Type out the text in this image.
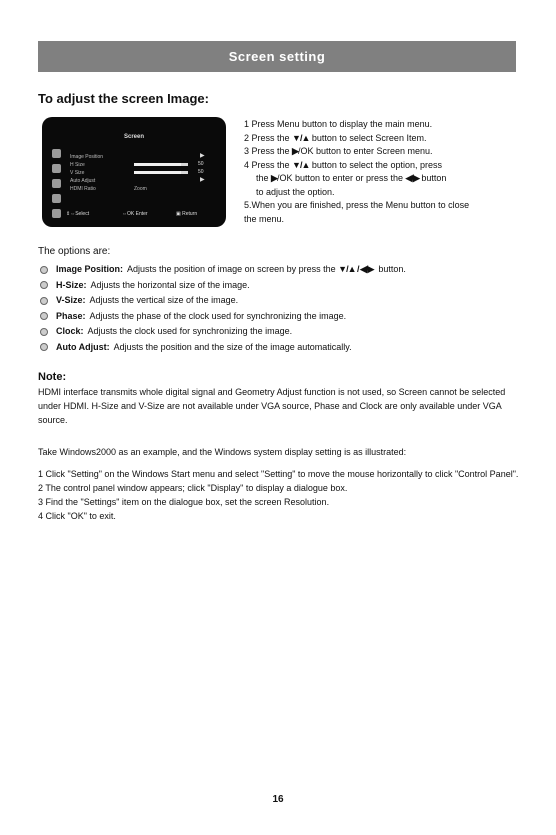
Screen setting
To adjust the screen Image:
Screen
Image Position
H Size
V Size
Auto Adjust
HDMI Ratio	Zoom
▶
50
50
▶
⇕⇔Select	⇔OK Enter	▣ Return

1 Press Menu button to display the main menu.

2 Press the ▼/▲ button to select Screen Item.

3 Press the ▶/OK button to enter Screen menu.

4 Press the ▼/▲ button to select the option, press

the ▶/OK button to enter or press the ◀/▶ button

to adjust the option.

5.When you are finished, press the Menu button to close

the menu.

The options are:

Image Position: Adjusts the position of image on screen by press the
▼/▲ / ◀/▶
button.
H-Size: Adjusts the horizontal size of the image.
V-Size: Adjusts the vertical size of the image.
Phase: Adjusts the phase of the clock used for synchronizing the image.
Clock: Adjusts the clock used for synchronizing the image.
Auto Adjust: Adjusts the position and the size of the image automatically.

Note:

HDMI interface transmits whole digital signal and Geometry Adjust function is not used, so Screen cannot be selected under HDMI. H-Size and V-Size are not available under VGA source, Phase and Clock are only available under VGA source.

Take Windows2000 as an example, and the Windows system display setting is as illustrated:

1 Click "Setting" on the Windows Start menu and select "Setting" to move the mouse horizontally to click "Control Panel".

2 The control panel window appears; click "Display" to display a dialogue box.

3 Find the "Settings" item on the dialogue box, set the screen Resolution.

4 Click "OK" to exit.

16
